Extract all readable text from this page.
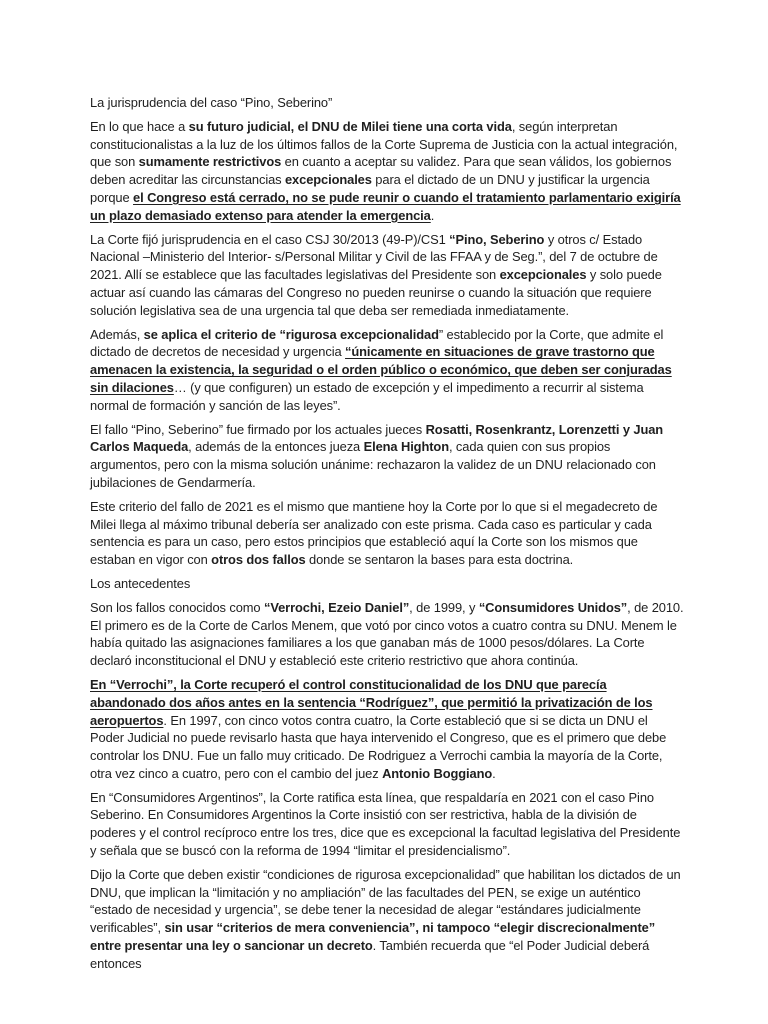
La jurisprudencia del caso “Pino, Seberino”

En lo que hace a su futuro judicial, el DNU de Milei tiene una corta vida, según interpretan constitucionalistas a la luz de los últimos fallos de la Corte Suprema de Justicia con la actual integración, que son sumamente restrictivos en cuanto a aceptar su validez. Para que sean válidos, los gobiernos deben acreditar las circunstancias excepcionales para el dictado de un DNU y justificar la urgencia porque el Congreso está cerrado, no se pude reunir o cuando el tratamiento parlamentario exigiría un plazo demasiado extenso para atender la emergencia.

La Corte fijó jurisprudencia en el caso CSJ 30/2013 (49-P)/CS1 “Pino, Seberino y otros c/ Estado Nacional –Ministerio del Interior- s/Personal Militar y Civil de las FFAA y de Seg.”, del 7 de octubre de 2021. Allí se establece que las facultades legislativas del Presidente son excepcionales y solo puede actuar así cuando las cámaras del Congreso no pueden reunirse o cuando la situación que requiere solución legislativa sea de una urgencia tal que deba ser remediada inmediatamente.

Además, se aplica el criterio de “rigurosa excepcionalidad” establecido por la Corte, que admite el dictado de decretos de necesidad y urgencia “únicamente en situaciones de grave trastorno que amenacen la existencia, la seguridad o el orden público o económico, que deben ser conjuradas sin dilaciones… (y que configuren) un estado de excepción y el impedimento a recurrir al sistema normal de formación y sanción de las leyes”.

El fallo “Pino, Seberino” fue firmado por los actuales jueces Rosatti, Rosenkrantz, Lorenzetti y Juan Carlos Maqueda, además de la entonces jueza Elena Highton, cada quien con sus propios argumentos, pero con la misma solución unánime: rechazaron la validez de un DNU relacionado con jubilaciones de Gendarmería.

Este criterio del fallo de 2021 es el mismo que mantiene hoy la Corte por lo que si el megadecreto de Milei llega al máximo tribunal debería ser analizado con este prisma. Cada caso es particular y cada sentencia es para un caso, pero estos principios que estableció aquí la Corte son los mismos que estaban en vigor con otros dos fallos donde se sentaron la bases para esta doctrina.

Los antecedentes

Son los fallos conocidos como “Verrochi, Ezeio Daniel”, de 1999, y “Consumidores Unidos”, de 2010. El primero es de la Corte de Carlos Menem, que votó por cinco votos a cuatro contra su DNU. Menem le había quitado las asignaciones familiares a los que ganaban más de 1000 pesos/dólares. La Corte declaró inconstitucional el DNU y estableció este criterio restrictivo que ahora continúa.

En “Verrochi”, la Corte recuperó el control constitucionalidad de los DNU que parecía abandonado dos años antes en la sentencia “Rodríguez”, que permitió la privatización de los aeropuertos. En 1997, con cinco votos contra cuatro, la Corte estableció que si se dicta un DNU el Poder Judicial no puede revisarlo hasta que haya intervenido el Congreso, que es el primero que debe controlar los DNU. Fue un fallo muy criticado. De Rodriguez a Verrochi cambia la mayoría de la Corte, otra vez cinco a cuatro, pero con el cambio del juez Antonio Boggiano.

En “Consumidores Argentinos”, la Corte ratifica esta línea, que respaldaría en 2021 con el caso Pino Seberino. En Consumidores Argentinos la Corte insistió con ser restrictiva, habla de la división de poderes y el control recíproco entre los tres, dice que es excepcional la facultad legislativa del Presidente y señala que se buscó con la reforma de 1994 “limitar el presidencialismo”.

Dijo la Corte que deben existir “condiciones de rigurosa excepcionalidad” que habilitan los dictados de un DNU, que implican la “limitación y no ampliación” de las facultades del PEN, se exige un auténtico “estado de necesidad y urgencia”, se debe tener la necesidad de alegar “estándares judicialmente verificables”, sin usar “criterios de mera conveniencia”, ni tampoco “elegir discrecionalmente” entre presentar una ley o sancionar un decreto. También recuerda que “el Poder Judicial deberá entonces
